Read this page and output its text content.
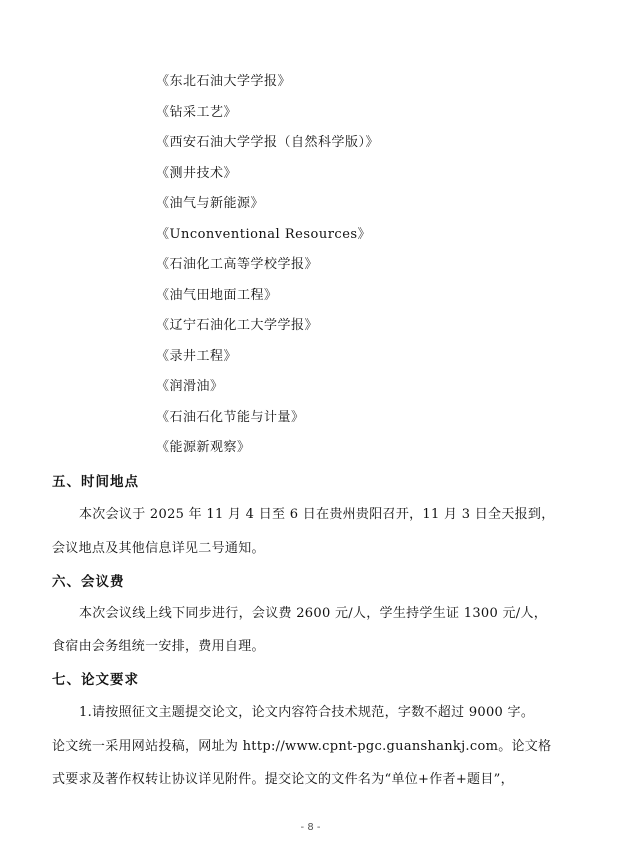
《东北石油大学学报》
《钻采工艺》
《西安石油大学学报（自然科学版）》
《测井技术》
《油气与新能源》
《Unconventional Resources》
《石油化工高等学校学报》
《油气田地面工程》
《辽宁石油化工大学学报》
《录井工程》
《润滑油》
《石油石化节能与计量》
《能源新观察》
五、时间地点
本次会议于 2025 年 11 月 4 日至 6 日在贵州贵阳召开，11 月 3 日全天报到，
会议地点及其他信息详见二号通知。
六、会议费
本次会议线上线下同步进行，会议费 2600 元/人，学生持学生证 1300 元/人，
食宿由会务组统一安排，费用自理。
七、论文要求
1.请按照征文主题提交论文，论文内容符合技术规范，字数不超过 9000 字。
论文统一采用网站投稿，网址为 http://www.cpnt-pgc.guanshankj.com。论文格
式要求及著作权转让协议详见附件。提交论文的文件名为“单位+作者+题目”，
- 8 -
